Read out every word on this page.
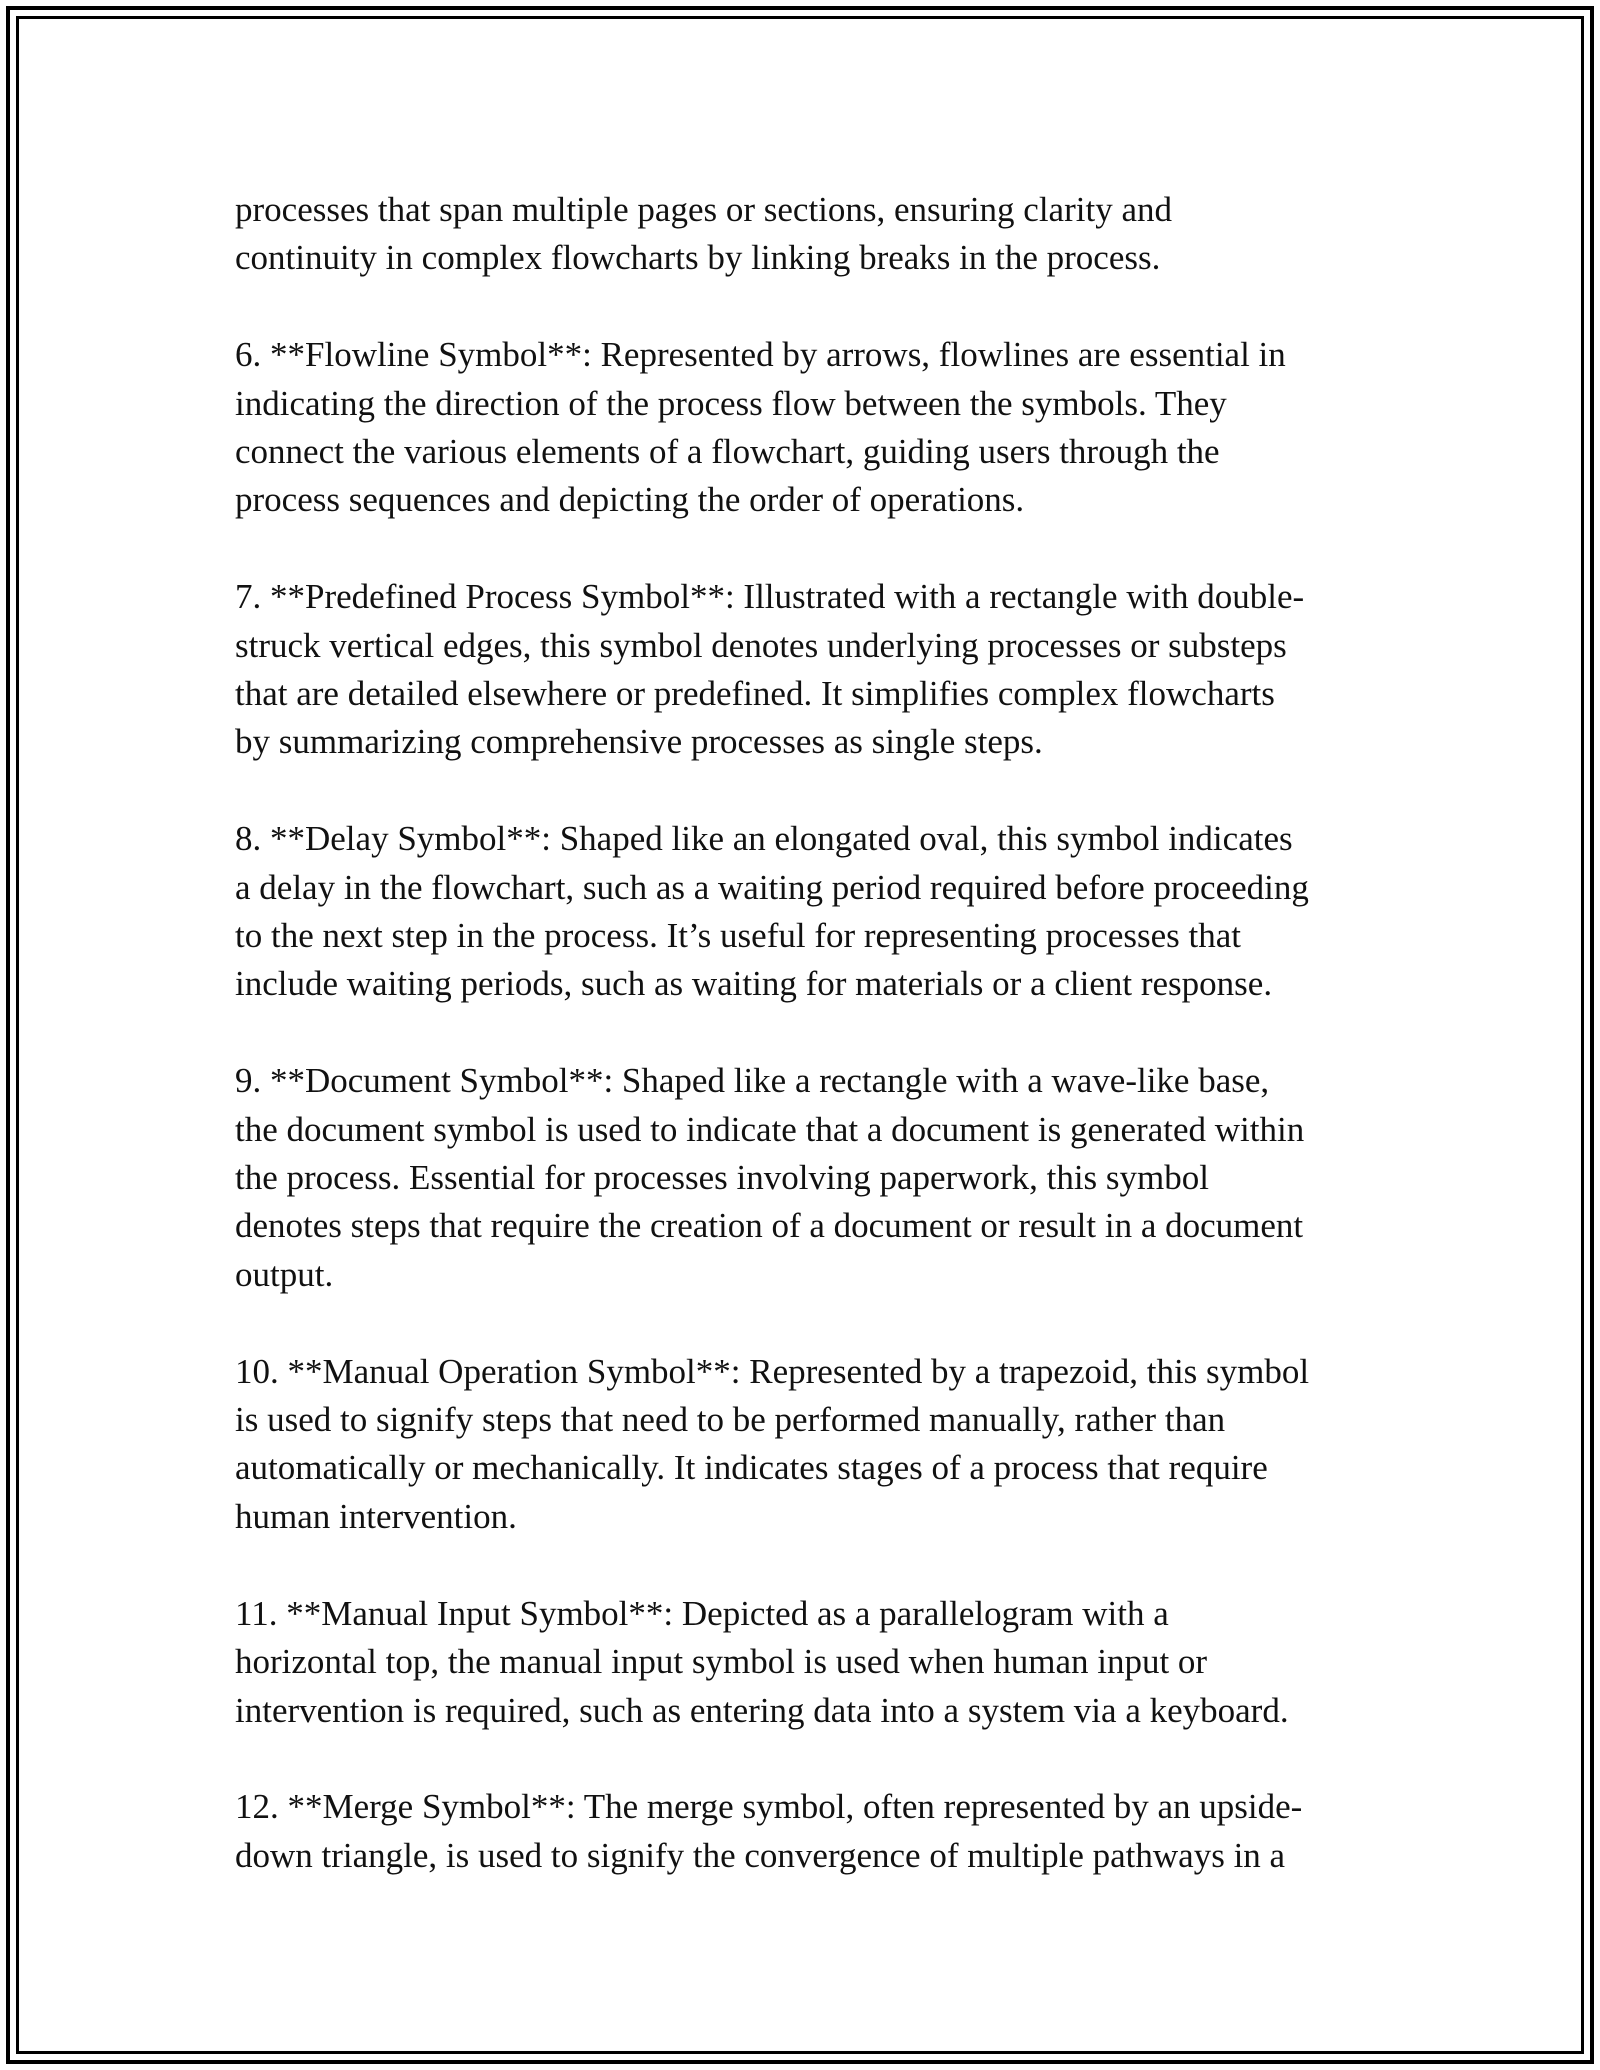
processes that span multiple pages or sections, ensuring clarity and
continuity in complex flowcharts by linking breaks in the process.

6. **Flowline Symbol**: Represented by arrows, flowlines are essential in
indicating the direction of the process flow between the symbols. They
connect the various elements of a flowchart, guiding users through the
process sequences and depicting the order of operations.

7. **Predefined Process Symbol**: Illustrated with a rectangle with double-
struck vertical edges, this symbol denotes underlying processes or substeps
that are detailed elsewhere or predefined. It simplifies complex flowcharts
by summarizing comprehensive processes as single steps.

8. **Delay Symbol**: Shaped like an elongated oval, this symbol indicates
a delay in the flowchart, such as a waiting period required before proceeding
to the next step in the process. It’s useful for representing processes that
include waiting periods, such as waiting for materials or a client response.

9. **Document Symbol**: Shaped like a rectangle with a wave-like base,
the document symbol is used to indicate that a document is generated within
the process. Essential for processes involving paperwork, this symbol
denotes steps that require the creation of a document or result in a document
output.

10. **Manual Operation Symbol**: Represented by a trapezoid, this symbol
is used to signify steps that need to be performed manually, rather than
automatically or mechanically. It indicates stages of a process that require
human intervention.

11. **Manual Input Symbol**: Depicted as a parallelogram with a
horizontal top, the manual input symbol is used when human input or
intervention is required, such as entering data into a system via a keyboard.

12. **Merge Symbol**: The merge symbol, often represented by an upside-
down triangle, is used to signify the convergence of multiple pathways in a
